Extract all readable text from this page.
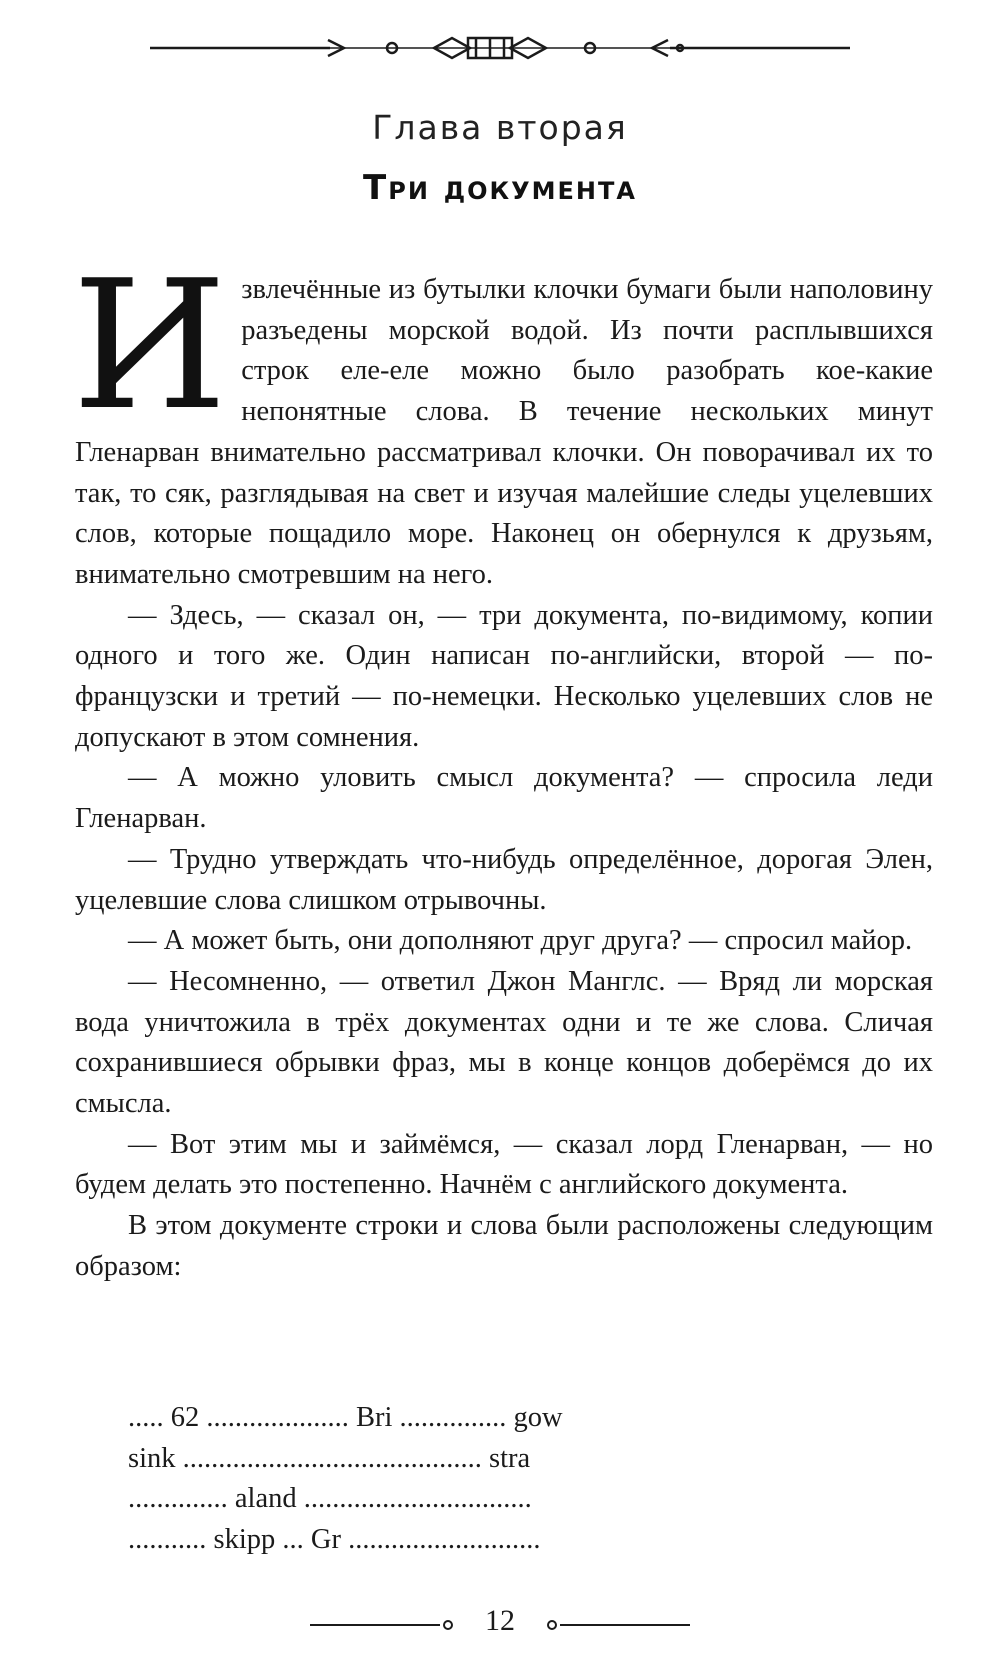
Глава вторая
Три документа

Извлечённые из бутылки клочки бумаги были наполовину разъедены морской водой. Из почти расплывшихся строк еле-еле можно было разобрать кое-какие непонятные слова. В течение нескольких минут Гленарван внимательно рассматривал клочки. Он поворачивал их то так, то сяк, разглядывая на свет и изучая малейшие следы уцелевших слов, которые пощадило море. Наконец он обернулся к друзьям, внимательно смотревшим на него.

— Здесь, — сказал он, — три документа, по-видимому, копии одного и того же. Один написан по-английски, второй — по-французски и третий — по-немецки. Несколько уцелевших слов не допускают в этом сомнения.

— А можно уловить смысл документа? — спросила леди Гленарван.

— Трудно утверждать что-нибудь определённое, дорогая Элен, уцелевшие слова слишком отрывочны.

— А может быть, они дополняют друг друга? — спросил майор.

— Несомненно, — ответил Джон Манглс. — Вряд ли морская вода уничтожила в трёх документах одни и те же слова. Сличая сохранившиеся обрывки фраз, мы в конце концов доберёмся до их смысла.

— Вот этим мы и займёмся, — сказал лорд Гленарван, — но будем делать это постепенно. Начнём с английского документа.

В этом документе строки и слова были расположены следующим образом:

..... 62 .................... Bri ............... gow
sink .......................................... stra
.............. aland ................................
........... skipp ... Gr ...........................
12
